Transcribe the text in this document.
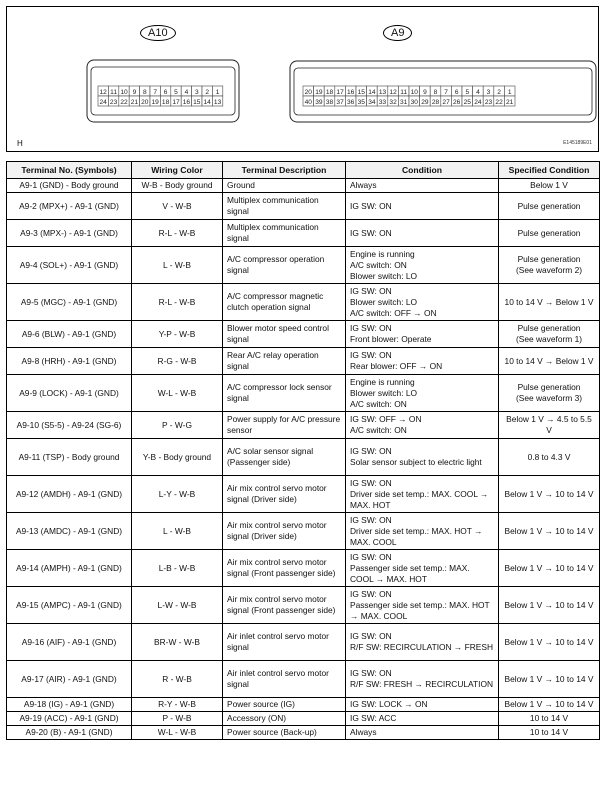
12 11 10 9 8 7 6 5 4 3 2 1
24 23 22 21 20 19 18 17 16 15 14 13
20 19 18 17 16 15 14 13 12 11 10 9 8 7 6 5 4 3 2 1
40 39 38 37 36 35 34 33 32 31 30 29 28 27 26 25 24 23 22 21
A10	A9
H	E145189E01
Terminal No. (Symbols)	Wiring Color	Terminal Description	Condition	Specified Condition
A9-1 (GND) - Body ground	W-B - Body ground	Ground	Always	Below 1 V

A9-2 (MPX+) - A9-1 (GND)	V - W-B	Multiplex communication signal	IG SW: ON	Pulse generation

A9-3 (MPX-) - A9-1 (GND)	R-L - W-B	Multiplex communication signal	IG SW: ON	Pulse generation

A9-4 (SOL+) - A9-1 (GND)	L - W-B	A/C compressor operation signal	Engine is running
A/C switch: ON
Blower switch: LO	Pulse generation
(See waveform 2)

A9-5 (MGC) - A9-1 (GND)	R-L - W-B	A/C compressor magnetic clutch operation signal	IG SW: ON
Blower switch: LO
A/C switch: OFF → ON	10 to 14 V → Below 1 V

A9-6 (BLW) - A9-1 (GND)	Y-P - W-B	Blower motor speed control signal	IG SW: ON
Front blower: Operate	Pulse generation
(See waveform 1)

A9-8 (HRH) - A9-1 (GND)	R-G - W-B	Rear A/C relay operation signal	IG SW: ON
Rear blower: OFF → ON	10 to 14 V → Below 1 V

A9-9 (LOCK) - A9-1 (GND)	W-L - W-B	A/C compressor lock sensor signal	Engine is running
Blower switch: LO
A/C switch: ON	Pulse generation
(See waveform 3)

A9-10 (S5-5) - A9-24 (SG-6)	P - W-G	Power supply for A/C pressure sensor	IG SW: OFF → ON
A/C switch: ON	Below 1 V → 4.5 to 5.5 V

A9-11 (TSP) - Body ground	Y-B - Body ground	A/C solar sensor signal (Passenger side)	IG SW: ON
Solar sensor subject to electric light	0.8 to 4.3 V

A9-12 (AMDH) - A9-1 (GND)	L-Y - W-B	Air mix control servo motor signal (Driver side)	IG SW: ON
Driver side set temp.: MAX. COOL → MAX. HOT	Below 1 V → 10 to 14 V

A9-13 (AMDC) - A9-1 (GND)	L - W-B	Air mix control servo motor signal (Driver side)	IG SW: ON
Driver side set temp.: MAX. HOT → MAX. COOL	Below 1 V → 10 to 14 V

A9-14 (AMPH) - A9-1 (GND)	L-B - W-B	Air mix control servo motor signal (Front passenger side)	IG SW: ON
Passenger side set temp.: MAX. COOL → MAX. HOT	Below 1 V → 10 to 14 V

A9-15 (AMPC) - A9-1 (GND)	L-W - W-B	Air mix control servo motor signal (Front passenger side)	IG SW: ON
Passenger side set temp.: MAX. HOT → MAX. COOL	Below 1 V → 10 to 14 V

A9-16 (AIF) - A9-1 (GND)	BR-W - W-B	Air inlet control servo motor signal	IG SW: ON
R/F SW: RECIRCULATION → FRESH	Below 1 V → 10 to 14 V

A9-17 (AIR) - A9-1 (GND)	R - W-B	Air inlet control servo motor signal	IG SW: ON
R/F SW: FRESH → RECIRCULATION	Below 1 V → 10 to 14 V

A9-18 (IG) - A9-1 (GND)	R-Y - W-B	Power source (IG)	IG SW: LOCK → ON	Below 1 V → 10 to 14 V

A9-19 (ACC) - A9-1 (GND)	P - W-B	Accessory (ON)	IG SW: ACC	10 to 14 V

A9-20 (B) - A9-1 (GND)	W-L - W-B	Power source (Back-up)	Always	10 to 14 V
